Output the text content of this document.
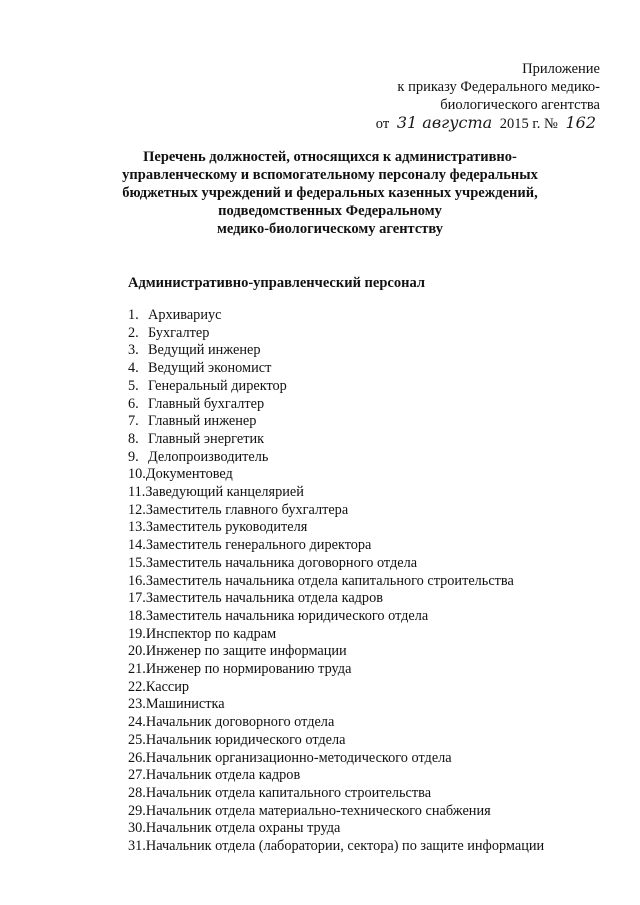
Приложение
к приказу Федерального медико-
биологического агентства
от 31 августа 2015 г. № 162
Перечень должностей, относящихся к административно-
управленческому и вспомогательному персоналу федеральных
бюджетных учреждений и федеральных казенных учреждений,
подведомственных Федеральному
медико-биологическому агентству
Административно-управленческий персонал
1. Архивариус
2. Бухгалтер
3. Ведущий инженер
4. Ведущий экономист
5. Генеральный директор
6. Главный бухгалтер
7. Главный инженер
8. Главный энергетик
9. Делопроизводитель
10.Документовед
11.Заведующий канцелярией
12.Заместитель главного бухгалтера
13.Заместитель руководителя
14.Заместитель генерального директора
15.Заместитель начальника договорного отдела
16.Заместитель начальника отдела капитального строительства
17.Заместитель начальника отдела кадров
18.Заместитель начальника юридического отдела
19.Инспектор по кадрам
20.Инженер по защите информации
21.Инженер по нормированию труда
22.Кассир
23.Машинистка
24.Начальник договорного отдела
25.Начальник юридического отдела
26.Начальник организационно-методического отдела
27.Начальник отдела кадров
28.Начальник отдела капитального строительства
29.Начальник отдела материально-технического снабжения
30.Начальник отдела охраны труда
31.Начальник отдела (лаборатории, сектора) по защите информации
